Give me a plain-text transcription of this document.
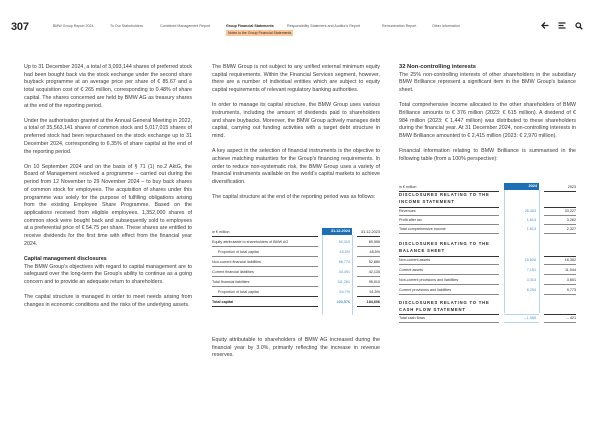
307	BMW Group Report 2024	To Our Stakeholders	Combined Management Report	Group Financial Statements	Responsibility Statement and Auditor's Report	Remuneration Report	Other Information
Notes to the Group Financial Statements

Up to 31 December 2024, a total of 3,093,144 shares of preferred stock had been bought back via the stock exchange under the second share buyback programme at an average price per share of € 85.67 and a total acquisition cost of € 265 million, corresponding to 0.48% of share capital. The shares concerned are held by BMW AG as treasury shares at the end of the reporting period.

Under the authorisation granted at the Annual General Meeting in 2022, a total of 35,563,141 shares of common stock and 5,017,015 shares of preferred stock had been repurchased on the stock exchange up to 31 December 2024, corresponding to 6.35% of share capital at the end of the reporting period.

On 10 September 2024 and on the basis of § 71 (1) no.2 AktG, the Board of Management resolved a programme – carried out during the period from 12 November to 29 November 2024 – to buy back shares of common stock for employees. The acquisition of shares under this programme was solely for the purpose of fulfilling obligations arising from the existing Employee Share Programme. Based on the applications received from eligible employees, 1,352,000 shares of common stock were bought back and subsequently sold to employees at a preferential price of € 54.75 per share. These shares are entitled to receive dividends for the first time with effect from the financial year 2024.

Capital management disclosures

The BMW Group's objectives with regard to capital management are to safeguard over the long-term the Group's ability to continue as a going concern and to provide an adequate return to shareholders.

The capital structure is managed in order to meet needs arising from changes in economic conditions and the risks of the underlying assets.

The BMW Group is not subject to any unified external minimum equity capital requirements. Within the Financial Services segment, however, there are a number of individual entities which are subject to equity capital requirements of relevant regulatory banking authorities.

In order to manage its capital structure, the BMW Group uses various instruments, including the amount of dividends paid to shareholders and share buybacks. Moreover, the BMW Group actively manages debt capital, carrying out funding activities with a target debt structure in mind.

A key aspect in the selection of financial instruments is the objective to achieve matching maturities for the Group's financing requirements. In order to reduce non-systematic risk, the BMW Group uses a variety of financial instruments available on the world's capital markets to achieve diversification.

The capital structure at the end of the reporting period was as follows:

Equity attributable to shareholders of BMW AG increased during the financial year by 3.0%, primarily reflecting the increase in revenue reserves.
31.12.2024
in € million	31.12.2023
Equity attributable to shareholders of BMW AG	92,315	89,596
Proportion of total capital	45.3%	48.5%
Non-current financial liabilities	66,770	52,880
Current financial liabilities	44,491	42,130
Total financial liabilities	111,261	95,010
Proportion of total capital	54.7%	51.5%
Total capital	203,576	184,606
32 Non-controlling interests

The 25% non-controlling interests of other shareholders in the subsidiary BMW Brilliance represent a significant item in the BMW Group's balance sheet.

Total comprehensive income allocated to the other shareholders of BMW Brilliance amounts to € 376 million (2023: € 615 million). A dividend of € 984 million (2023: € 1,447 million) was distributed to these shareholders during the financial year. At 31 December 2024, non-controlling interests in BMW Brilliance amounted to € 2,415 million (2023: € 2,970 million).

Financial information relating to BMW Brilliance is summarised in the following table (from a 100% perspective):

2024
in € million	2023
DISCLOSURES RELATING TO THE INCOME STATEMENT
Revenues	26,453	33,227
Profit after tax	1,613	3,262
Total comprehensive income	1,613	2,327
DISCLOSURES RELATING TO THE BALANCE SHEET
Non-current assets	15,826	16,352
Current assets	7,151	11,044
Non-current provisions and liabilities	3,314	3,601
Current provisions and liabilities	8,254	9,773
DISCLOSURES RELATING TO THE CASH FLOW STATEMENT
Total cash flows	– 1,555	– 421
